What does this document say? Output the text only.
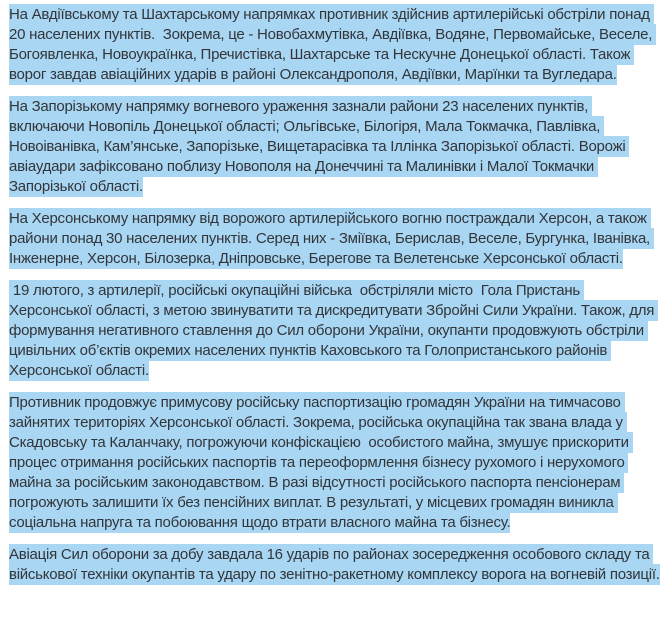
На Авдіївському та Шахтарському напрямках противник здійснив артилерійські обстріли понад 20 населених пунктів.  Зокрема, це - Новобахмутівка, Авдіївка, Водяне, Первомайське, Веселе, Богоявленка, Новоукраїнка, Пречистівка, Шахтарське та Нескучне Донецької області. Також ворог завдав авіаційних ударів в районі Олександрополя, Авдіївки, Марїнки та Вугледара.

На Запорізькому напрямку вогневого ураження зазнали райони 23 населених пунктів, включаючи Новопіль Донецької області; Ольгівське, Білогіря, Мала Токмачка, Павлівка, Новоіванівка, Кам’янське, Запорізьке, Вищетарасівка та Іллінка Запорізької області. Ворожі авіаудари зафіксовано поблизу Новополя на Донеччині та Малинівки і Малої Токмачки Запорізької області.

На Херсонському напрямку від ворожого артилерійського вогню постраждали Херсон, а також райони понад 30 населених пунктів. Серед них - Зміївка, Берислав, Веселе, Бургунка, Іванівка, Інженерне, Херсон, Білозерка, Дніпровське, Берегове та Велетенське Херсонської області.

19 лютого, з артилерії, російські окупаційні війська  обстріляли місто  Гола Пристань Херсонської області, з метою звинуватити та дискредитувати Збройні Сили України. Також, для формування негативного ставлення до Сил оборони України, окупанти продовжують обстріли цивільних об’єктів окремих населених пунктів Каховського та Голопристанського районів Херсонської області.

Противник продовжує примусову російську паспортизацію громадян України на тимчасово зайнятих територіях Херсонської області. Зокрема, російська окупаційна так звана влада у Скадовську та Каланчаку, погрожуючи конфіскацією  особистого майна, змушує прискорити процес отримання російських паспортів та переоформлення бізнесу рухомого і нерухомого майна за російським законодавством. В разі відсутності російського паспорта пенсіонерам погрожують залишити їх без пенсійних виплат. В результаті, у місцевих громадян виникла соціальна напруга та побоювання щодо втрати власного майна та бізнесу.

Авіація Сил оборони за добу завдала 16 ударів по районах зосередження особового складу та військової техніки окупантів та удару по зенітно-ракетному комплексу ворога на вогневій позиції.
